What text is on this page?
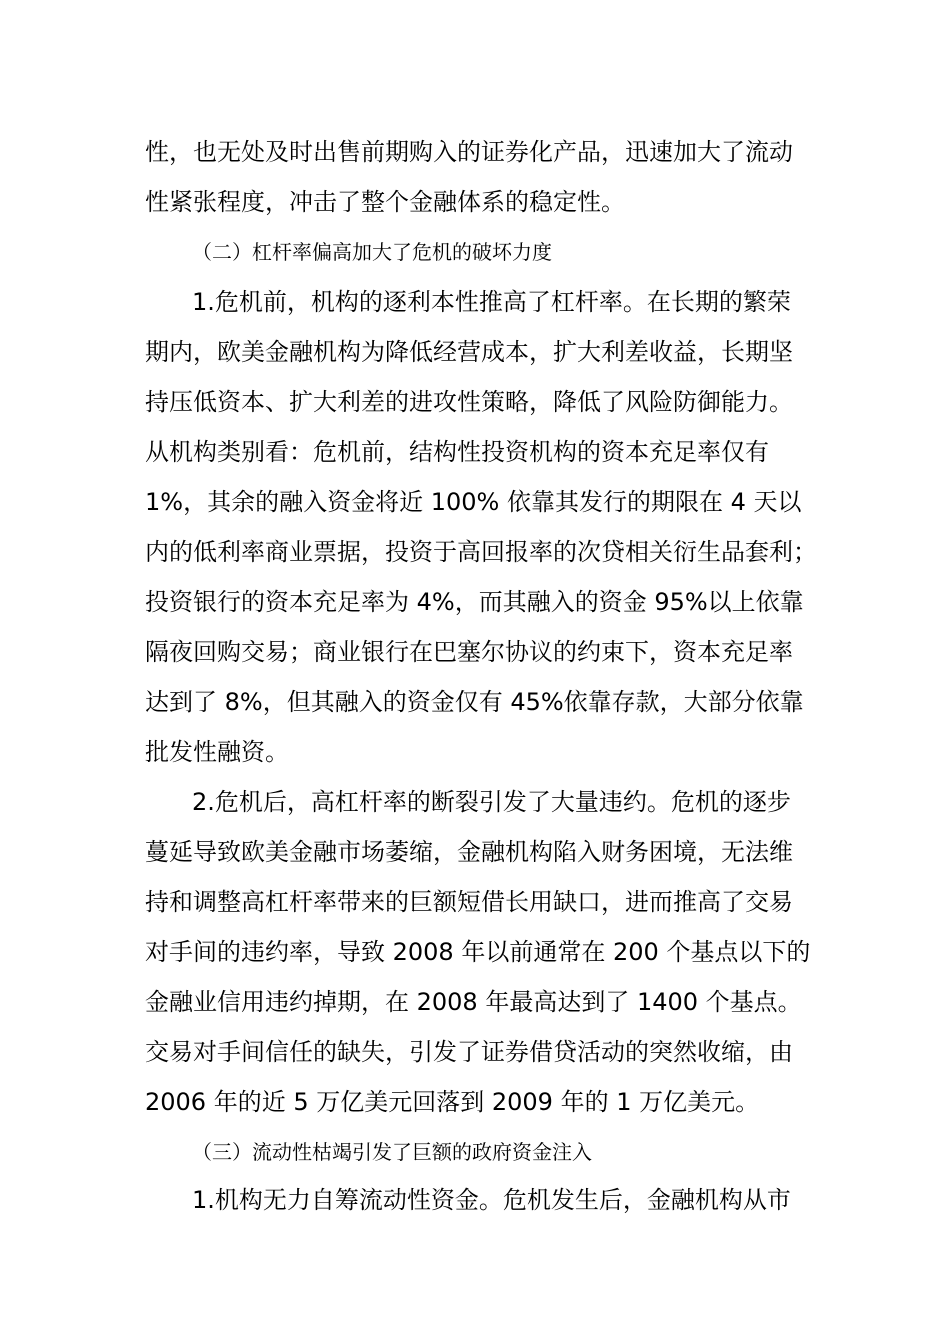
性，也无处及时出售前期购入的证券化产品，迅速加大了流动
性紧张程度，冲击了整个金融体系的稳定性。
（二）杠杆率偏高加大了危机的破坏力度
1.危机前，机构的逐利本性推高了杠杆率。在长期的繁荣
期内，欧美金融机构为降低经营成本，扩大利差收益，长期坚
持压低资本、扩大利差的进攻性策略，降低了风险防御能力。
从机构类别看：危机前，结构性投资机构的资本充足率仅有
1%，其余的融入资金将近 100% 依靠其发行的期限在 4 天以
内的低利率商业票据，投资于高回报率的次贷相关衍生品套利；
投资银行的资本充足率为 4%，而其融入的资金 95%以上依靠
隔夜回购交易；商业银行在巴塞尔协议的约束下，资本充足率
达到了 8%，但其融入的资金仅有 45%依靠存款，大部分依靠
批发性融资。
2.危机后，高杠杆率的断裂引发了大量违约。危机的逐步
蔓延导致欧美金融市场萎缩，金融机构陷入财务困境，无法维
持和调整高杠杆率带来的巨额短借长用缺口，进而推高了交易
对手间的违约率，导致 2008 年以前通常在 200 个基点以下的
金融业信用违约掉期，在 2008 年最高达到了 1400 个基点。
交易对手间信任的缺失，引发了证券借贷活动的突然收缩，由
2006 年的近 5 万亿美元回落到 2009 年的 1 万亿美元。
（三）流动性枯竭引发了巨额的政府资金注入
1.机构无力自筹流动性资金。危机发生后，金融机构从市
